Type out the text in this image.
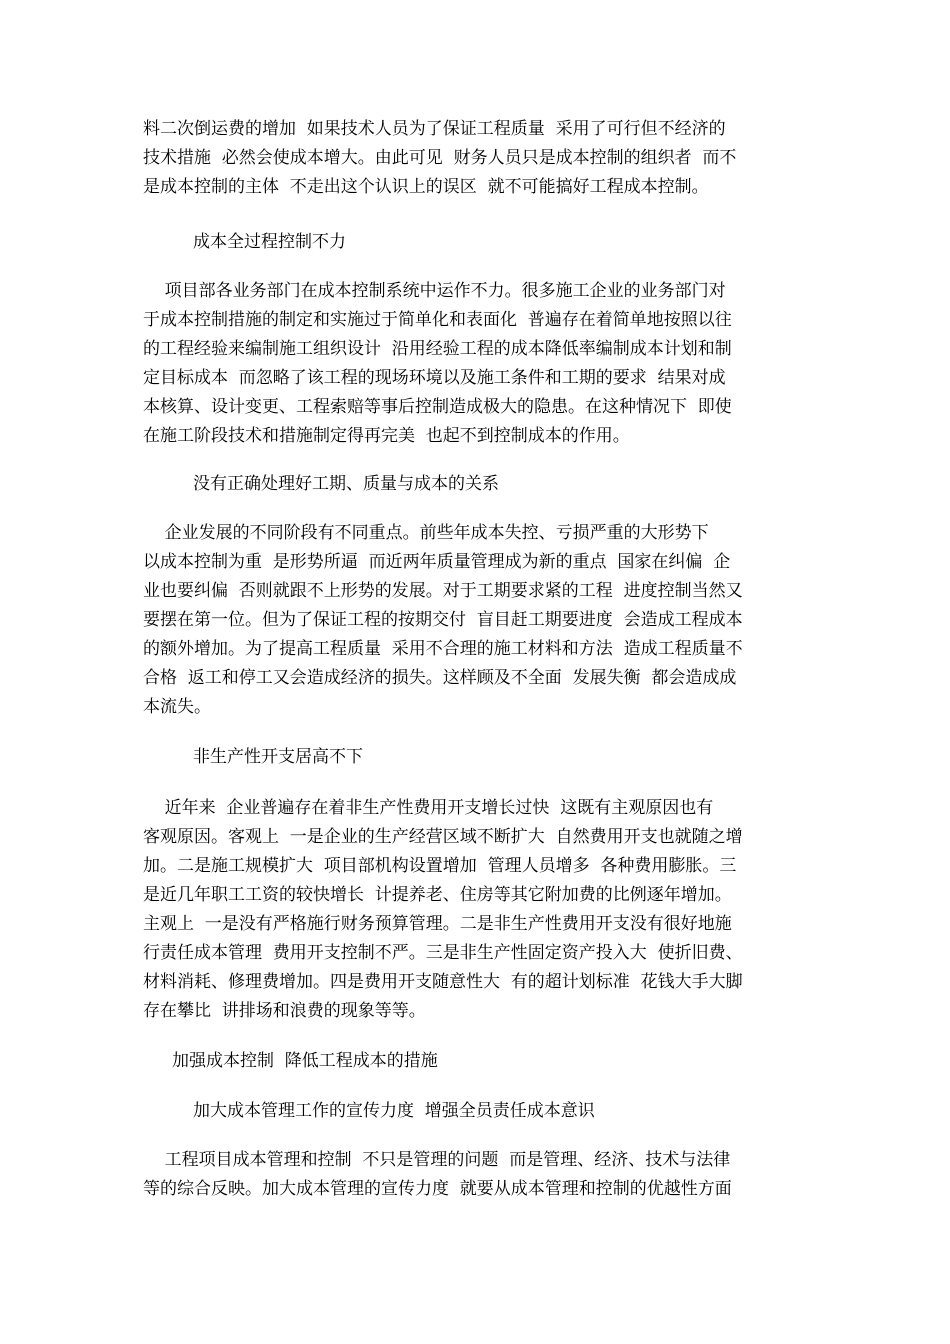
料二次倒运费的增加  如果技术人员为了保证工程质量  采用了可行但不经济的
技术措施  必然会使成本增大。由此可见  财务人员只是成本控制的组织者  而不
是成本控制的主体  不走出这个认识上的误区  就不可能搞好工程成本控制。

成本全过程控制不力

项目部各业务部门在成本控制系统中运作不力。很多施工企业的业务部门对
于成本控制措施的制定和实施过于简单化和表面化  普遍存在着简单地按照以往
的工程经验来编制施工组织设计  沿用经验工程的成本降低率编制成本计划和制
定目标成本  而忽略了该工程的现场环境以及施工条件和工期的要求  结果对成
本核算、设计变更、工程索赔等事后控制造成极大的隐患。在这种情况下  即使
在施工阶段技术和措施制定得再完美  也起不到控制成本的作用。

没有正确处理好工期、质量与成本的关系

企业发展的不同阶段有不同重点。前些年成本失控、亏损严重的大形势下
以成本控制为重  是形势所逼  而近两年质量管理成为新的重点  国家在纠偏  企
业也要纠偏  否则就跟不上形势的发展。对于工期要求紧的工程  进度控制当然又
要摆在第一位。但为了保证工程的按期交付  盲目赶工期要进度  会造成工程成本
的额外增加。为了提高工程质量  采用不合理的施工材料和方法  造成工程质量不
合格  返工和停工又会造成经济的损失。这样顾及不全面  发展失衡  都会造成成
本流失。

非生产性开支居高不下

近年来  企业普遍存在着非生产性费用开支增长过快  这既有主观原因也有
客观原因。客观上  一是企业的生产经营区域不断扩大  自然费用开支也就随之增
加。二是施工规模扩大  项目部机构设置增加  管理人员增多  各种费用膨胀。三
是近几年职工工资的较快增长  计提养老、住房等其它附加费的比例逐年增加。
主观上  一是没有严格施行财务预算管理。二是非生产性费用开支没有很好地施
行责任成本管理  费用开支控制不严。三是非生产性固定资产投入大  使折旧费、
材料消耗、修理费增加。四是费用开支随意性大  有的超计划标准  花钱大手大脚
存在攀比  讲排场和浪费的现象等等。

加强成本控制  降低工程成本的措施
加大成本管理工作的宣传力度  增强全员责任成本意识

工程项目成本管理和控制  不只是管理的问题  而是管理、经济、技术与法律
等的综合反映。加大成本管理的宣传力度  就要从成本管理和控制的优越性方面
